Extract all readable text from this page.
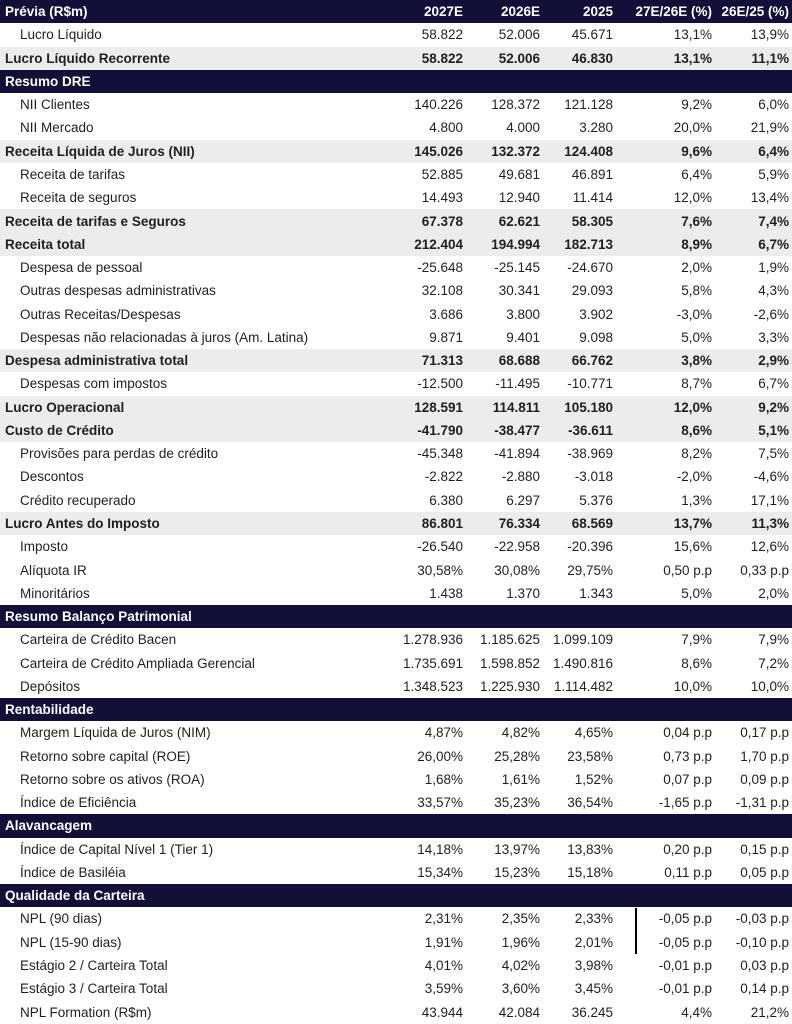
Prévia (R$m)	2027E	2026E	2025	27E/26E (%) 26E/25 (%)
Lucro Líquido	58.822	52.006	45.671	13,1%	13,9%
Lucro Líquido Recorrente	58.822	52.006	46.830	13,1%	11,1%
Resumo DRE
NII Clientes	140.226	128.372	121.128	9,2%	6,0%
NII Mercado	4.800	4.000	3.280	20,0%	21,9%
Receita Líquida de Juros (NII)	145.026	132.372	124.408	9,6%	6,4%
Receita de tarifas	52.885	49.681	46.891	6,4%	5,9%
Receita de seguros	14.493	12.940	11.414	12,0%	13,4%
Receita de tarifas e Seguros	67.378	62.621	58.305	7,6%	7,4%
Receita total	212.404	194.994	182.713	8,9%	6,7%
Despesa de pessoal	-25.648	-25.145	-24.670	2,0%	1,9%
Outras despesas administrativas	32.108	30.341	29.093	5,8%	4,3%
Outras Receitas/Despesas	3.686	3.800	3.902	-3,0%	-2,6%
Despesas não relacionadas à juros (Am. Latina)	9.871	9.401	9.098	5,0%	3,3%
Despesa administrativa total	71.313	68.688	66.762	3,8%	2,9%
Despesas com impostos	-12.500	-11.495	-10.771	8,7%	6,7%
Lucro Operacional	128.591	114.811	105.180	12,0%	9,2%
Custo de Crédito	-41.790	-38.477	-36.611	8,6%	5,1%
Provisões para perdas de crédito	-45.348	-41.894	-38.969	8,2%	7,5%
Descontos	-2.822	-2.880	-3.018	-2,0%	-4,6%
Crédito recuperado	6.380	6.297	5.376	1,3%	17,1%
Lucro Antes do Imposto	86.801	76.334	68.569	13,7%	11,3%
Imposto	-26.540	-22.958	-20.396	15,6%	12,6%
Alíquota IR	30,58%	30,08%	29,75%	0,50 p.p	0,33 p.p
Minoritários	1.438	1.370	1.343	5,0%	2,0%
Resumo Balanço Patrimonial
Carteira de Crédito Bacen	1.278.936	1.185.625 1.099.109	7,9%	7,9%
Carteira de Crédito Ampliada Gerencial	1.735.691	1.598.852 1.490.816	8,6%	7,2%
Depósitos	1.348.523	1.225.930	1.114.482	10,0%	10,0%
Rentabilidade
Margem Líquida de Juros (NIM)	4,87%	4,82%	4,65%	0,04 p.p	0,17 p.p
Retorno sobre capital (ROE)	26,00%	25,28%	23,58%	0,73 p.p	1,70 p.p
Retorno sobre os ativos (ROA)	1,68%	1,61%	1,52%	0,07 p.p	0,09 p.p
Índice de Eficiência	33,57%	35,23%	36,54%	-1,65 p.p	-1,31 p.p
Alavancagem
Índice de Capital Nível 1 (Tier 1)	14,18%	13,97%	13,83%	0,20 p.p	0,15 p.p
Índice de Basiléia	15,34%	15,23%	15,18%	0,11 p.p	0,05 p.p
Qualidade da Carteira
NPL (90 dias)	2,31%	2,35%	2,33%	-0,05 p.p	-0,03 p.p
NPL (15-90 dias)	1,91%	1,96%	2,01%	-0,05 p.p	-0,10 p.p
Estágio 2 / Carteira Total	4,01%	4,02%	3,98%	-0,01 p.p	0,03 p.p
Estágio 3 / Carteira Total	3,59%	3,60%	3,45%	-0,01 p.p	0,14 p.p
NPL Formation (R$m)	43.944	42.084	36.245	4,4%	21,2%
